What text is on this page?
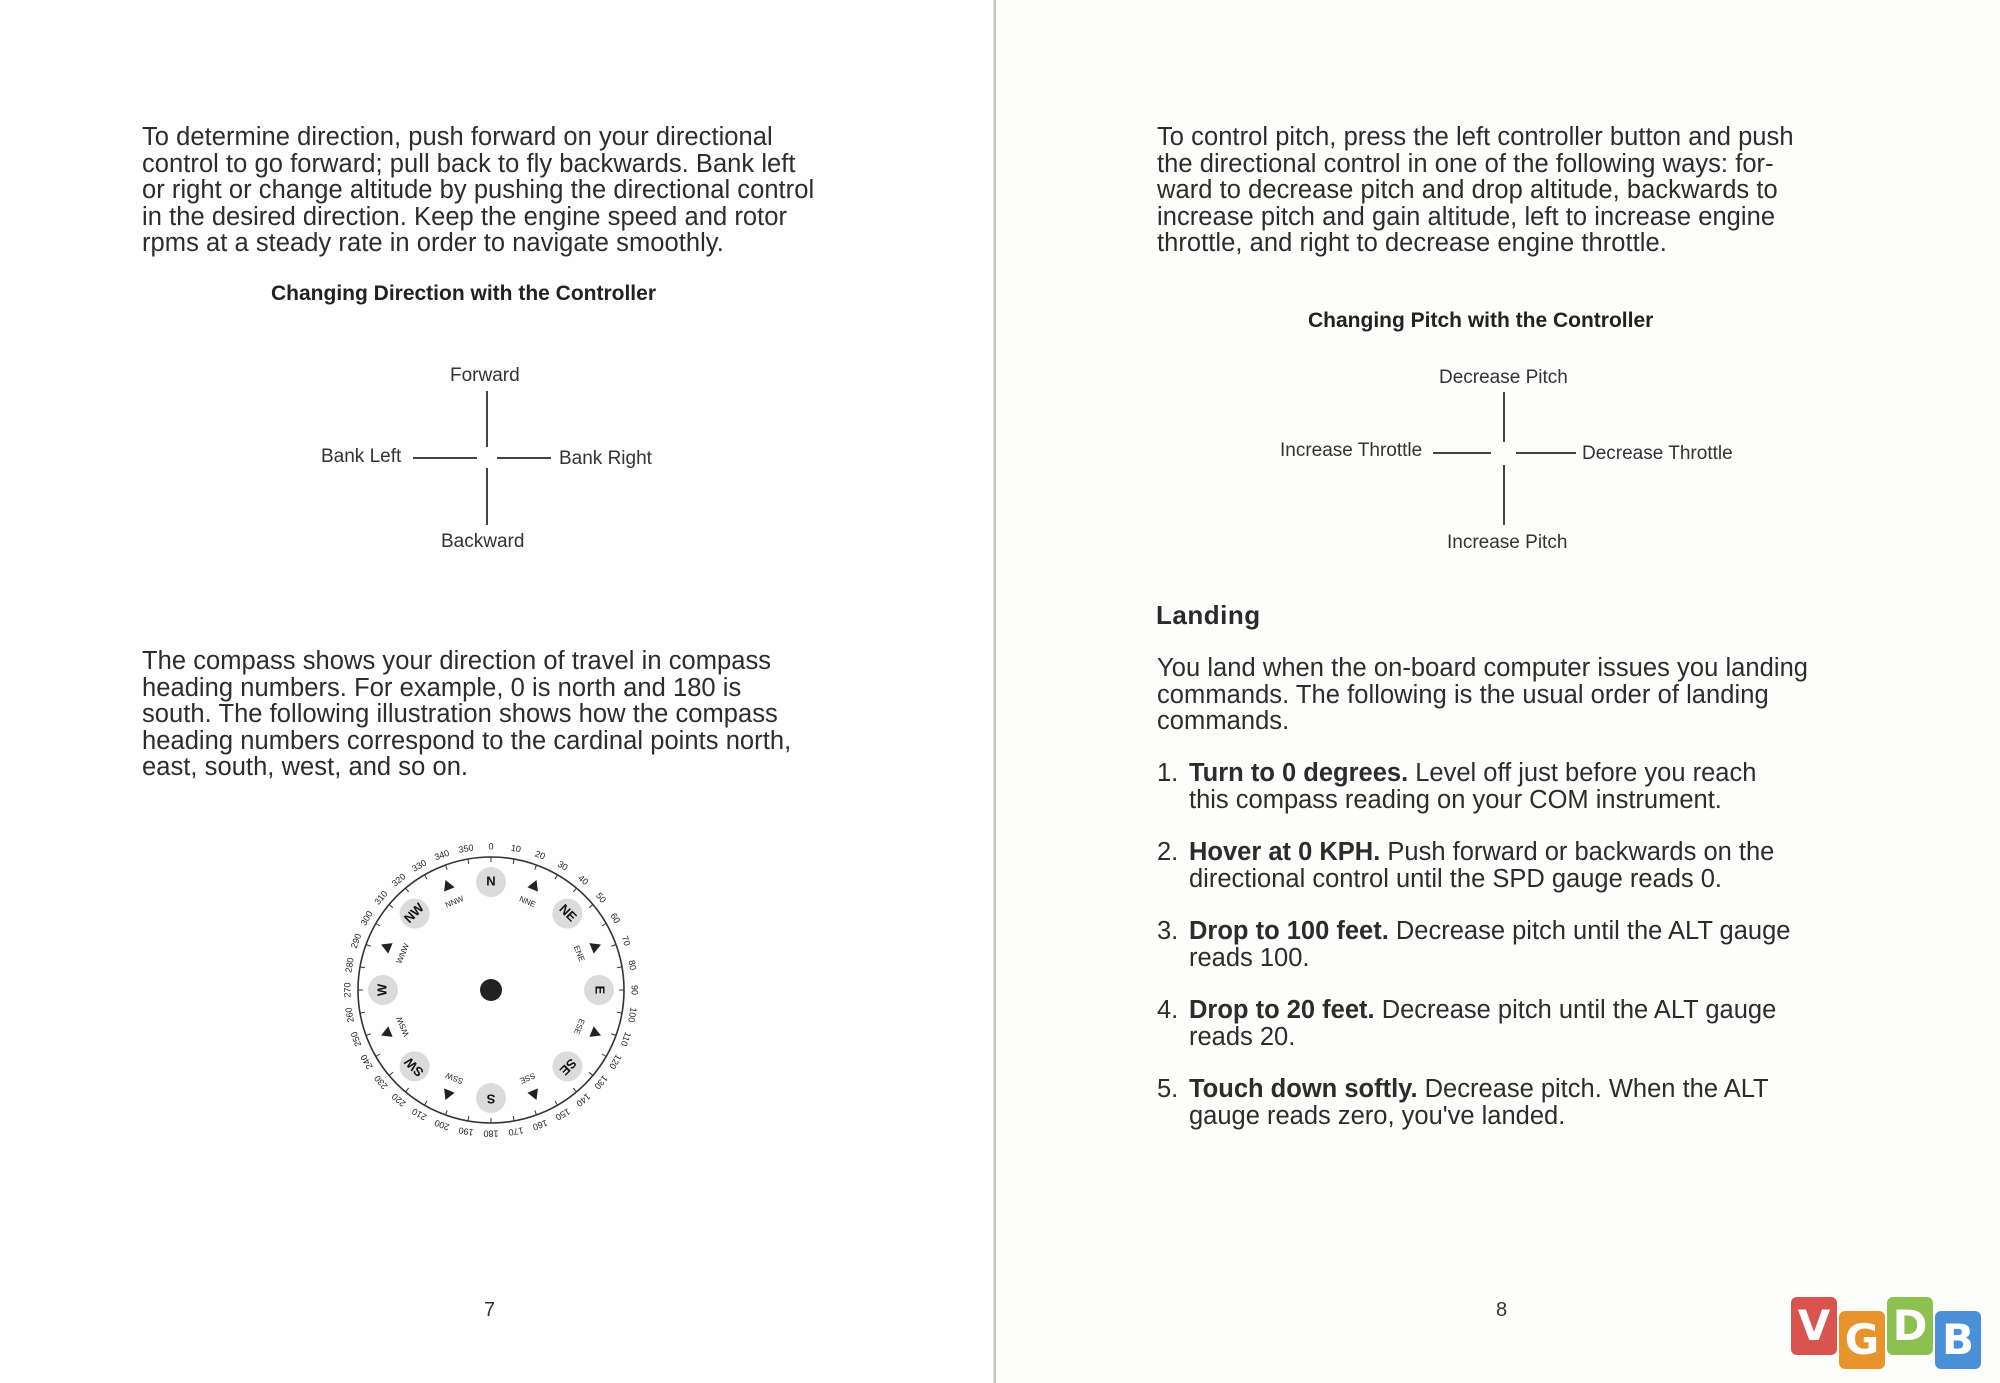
To determine direction, push forward on your directional

control to go forward; pull back to fly backwards. Bank left

or right or change altitude by pushing the directional control

in the desired direction. Keep the engine speed and rotor

rpms at a steady rate in order to navigate smoothly.

Changing Direction with the Controller
Forward
Bank Left	Bank Right
Backward

The compass shows your direction of travel in compass

heading numbers. For example, 0 is north and 180 is

south. The following illustration shows how the compass

heading numbers correspond to the cardinal points north,

east, south, west, and so on.

0 10
20
30
40
50
60
70
80
90
100
110
120
130
140
150
160
170
180
190
200
210
220
230
240
250
260
270
280
290
300
310
320
330
340 350
N
NE
E
SE
S
SW
W
NW	NNE
ENE
ESE
SSE
SSW
WSW
WNW
NNW
7

To control pitch, press the left controller button and push

the directional control in one of the following ways: for-

ward to decrease pitch and drop altitude, backwards to

increase pitch and gain altitude, left to increase engine

throttle, and right to decrease engine throttle.

Changing Pitch with the Controller
Decrease Pitch
Increase Throttle	Decrease Throttle
Increase Pitch
Landing

You land when the on-board computer issues you landing

commands. The following is the usual order of landing

commands.

1. Turn to 0 degrees. Level off just before you reach
this compass reading on your COM instrument.
2. Hover at 0 KPH. Push forward or backwards on the
directional control until the SPD gauge reads 0.
3. Drop to 100 feet. Decrease pitch until the ALT gauge
reads 100.
4. Drop to 20 feet. Decrease pitch until the ALT gauge
reads 20.
5. Touch down softly. Decrease pitch. When the ALT
gauge reads zero, you've landed.
8	V G D B
